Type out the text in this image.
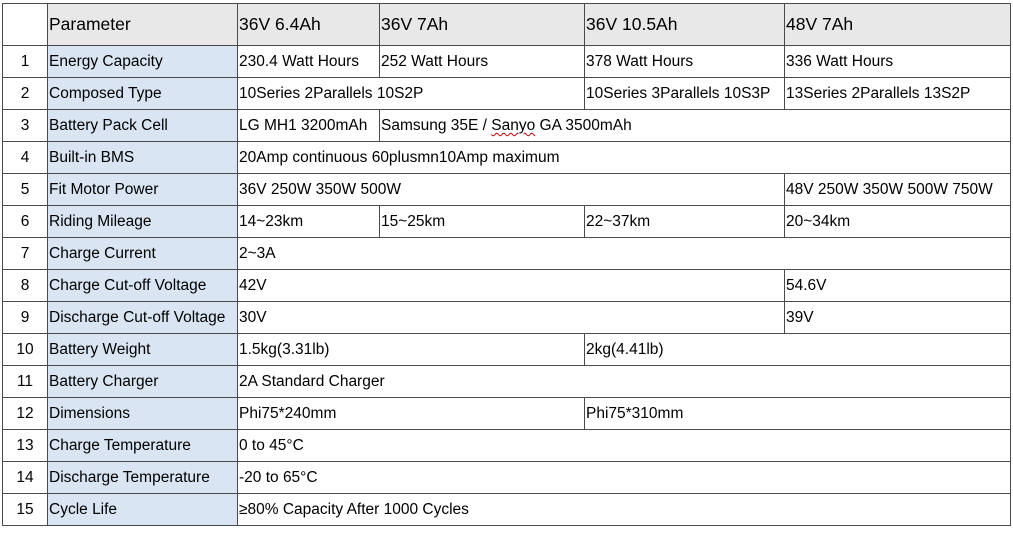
	Parameter	36V 6.4Ah	36V 7Ah	36V 10.5Ah	48V 7Ah
1	Energy Capacity	230.4 Watt Hours	252 Watt Hours	378 Watt Hours	336 Watt Hours
2	Composed Type	10Series 2Parallels 10S2P		10Series 3Parallels 10S3P	13Series 2Parallels 13S2P
3	Battery Pack Cell	LG MH1 3200mAh	Samsung 35E / Sanyo GA 3500mAh		
4	Built-in BMS	20Amp continuous 60plusmn10Amp maximum			
5	Fit Motor Power	36V 250W 350W 500W			48V 250W 350W 500W 750W
6	Riding Mileage	14~23km	15~25km	22~37km	20~34km
7	Charge Current	2~3A			
8	Charge Cut-off Voltage	42V			54.6V
9	Discharge Cut-off Voltage	30V			39V
10	Battery Weight	1.5kg(3.31lb)		2kg(4.41lb)	
11	Battery Charger	2A Standard Charger			
12	Dimensions	Phi75*240mm		Phi75*310mm	
13	Charge Temperature	0 to 45°C			
14	Discharge Temperature	-20 to 65°C			
15	Cycle Life	≥80% Capacity After 1000 Cycles			
